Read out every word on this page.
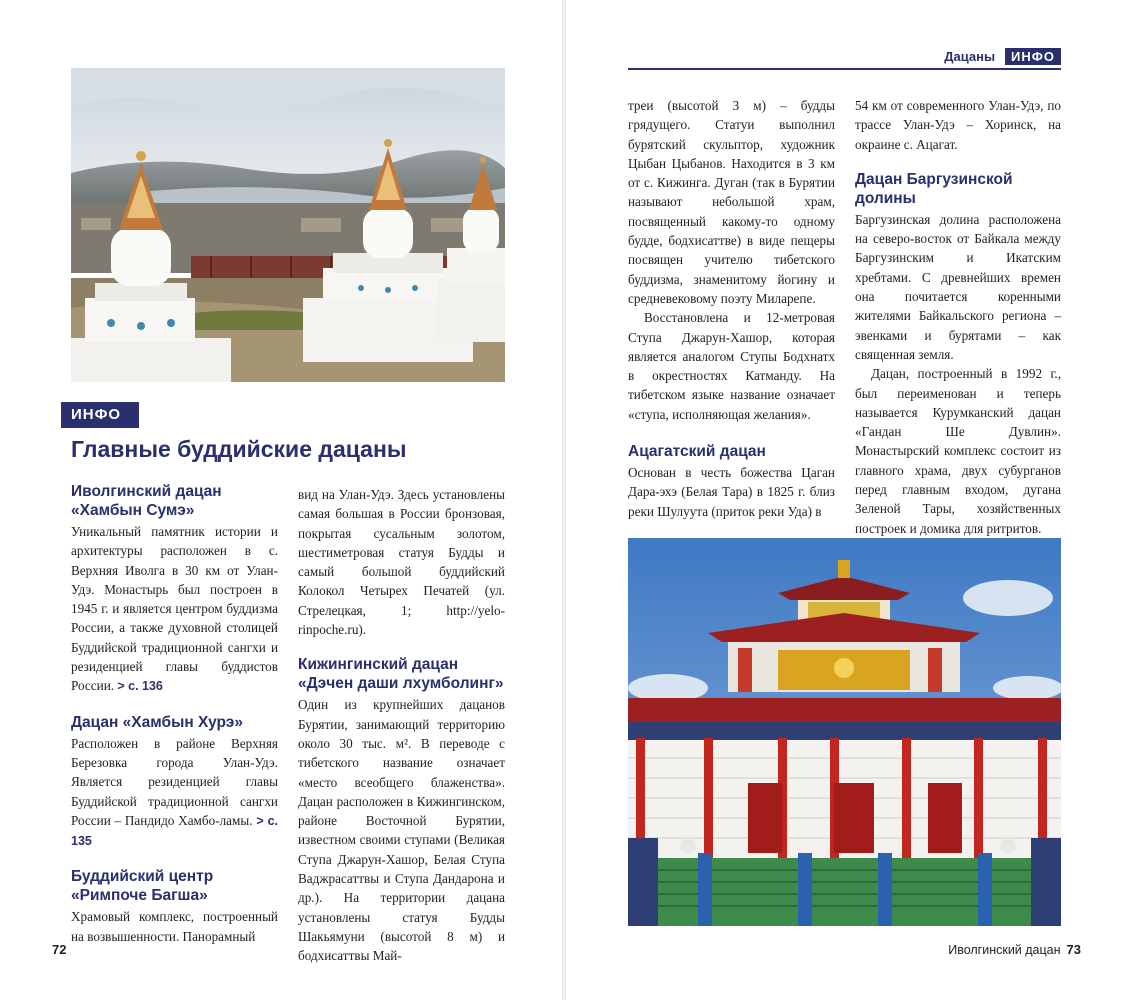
ИНФО
Главные буддийские дацаны
Иволгинский дацан
«Хамбын Сумэ»

Уникальный памятник истории и архитектуры расположен в с. Верхняя Иволга в 30 км от Улан-Удэ. Монастырь был построен в 1945 г. и является центром буддизма России, а также духовной столицей Буддийской традиционной сангхи и резиденцией главы буддистов России. > с. 136

Дацан «Хамбын Хурэ»

Расположен в районе Верхняя Березовка города Улан-Удэ. Является резиденцией главы Буддийской традиционной сангхи России – Пандидо Хамбо-ламы. > с. 135

Буддийский центр
«Римпоче Багша»

Храмовый комплекс, построенный на возвышенности. Панорамный

вид на Улан-Удэ. Здесь установлены самая большая в России бронзовая, покрытая сусальным золотом, шестиметровая статуя Будды и самый большой буддийский Колокол Четырех Печатей (ул. Стрелецкая, 1; http://yelo-rinpoche.ru).

Кижингинский дацан
«Дэчен даши лхумболинг»

Один из крупнейших дацанов Бурятии, занимающий территорию около 30 тыс. м². В переводе с тибетского название означает «место всеобщего блаженства». Дацан расположен в Кижингинском, районе Восточной Бурятии, известном своими ступами (Великая Ступа Джарун-Хашор, Белая Ступа Ваджрасаттвы и Ступа Дандарона и др.). На территории дацана установлены статуя Будды Шакьямуни (высотой 8 м) и бодхисаттвы Май-

72
Дацаны	ИНФО

треи (высотой 3 м) – будды грядущего. Статуи выполнил бурятский скульптор, художник Цыбан Цыбанов. Находится в 3 км от с. Кижинга. Дуган (так в Бурятии называют небольшой храм, посвященный какому-то одному будде, бодхисаттве) в виде пещеры посвящен учителю тибетского буддизма, знаменитому йогину и средневековому поэту Миларепе.

Восстановлена и 12-метровая Ступа Джарун-Хашор, которая является аналогом Ступы Бодхнатх в окрестностях Катманду. На тибетском языке название означает «ступа, исполняющая желания».

Ацагатский дацан

Основан в честь божества Цаган Дара-эхэ (Белая Тара) в 1825 г. близ реки Шулуута (приток реки Уда) в

54 км от современного Улан-Удэ, по трассе Улан-Удэ – Хоринск, на окраине с. Ацагат.

Дацан Баргузинской долины

Баргузинская долина расположена на северо-восток от Байкала между Баргузинским и Икатским хребтами. С древнейших времен она почитается коренными жителями Байкальского региона – эвенками и бурятами – как священная земля.

Дацан, построенный в 1992 г., был переименован и теперь называется Курумканский дацан «Гандан Ше Дувлин». Монастырский комплекс состоит из главного храма, двух субурганов перед главным входом, дугана Зеленой Тары, хозяйственных построек и домика для ритритов.

Иволгинский дацан 73
